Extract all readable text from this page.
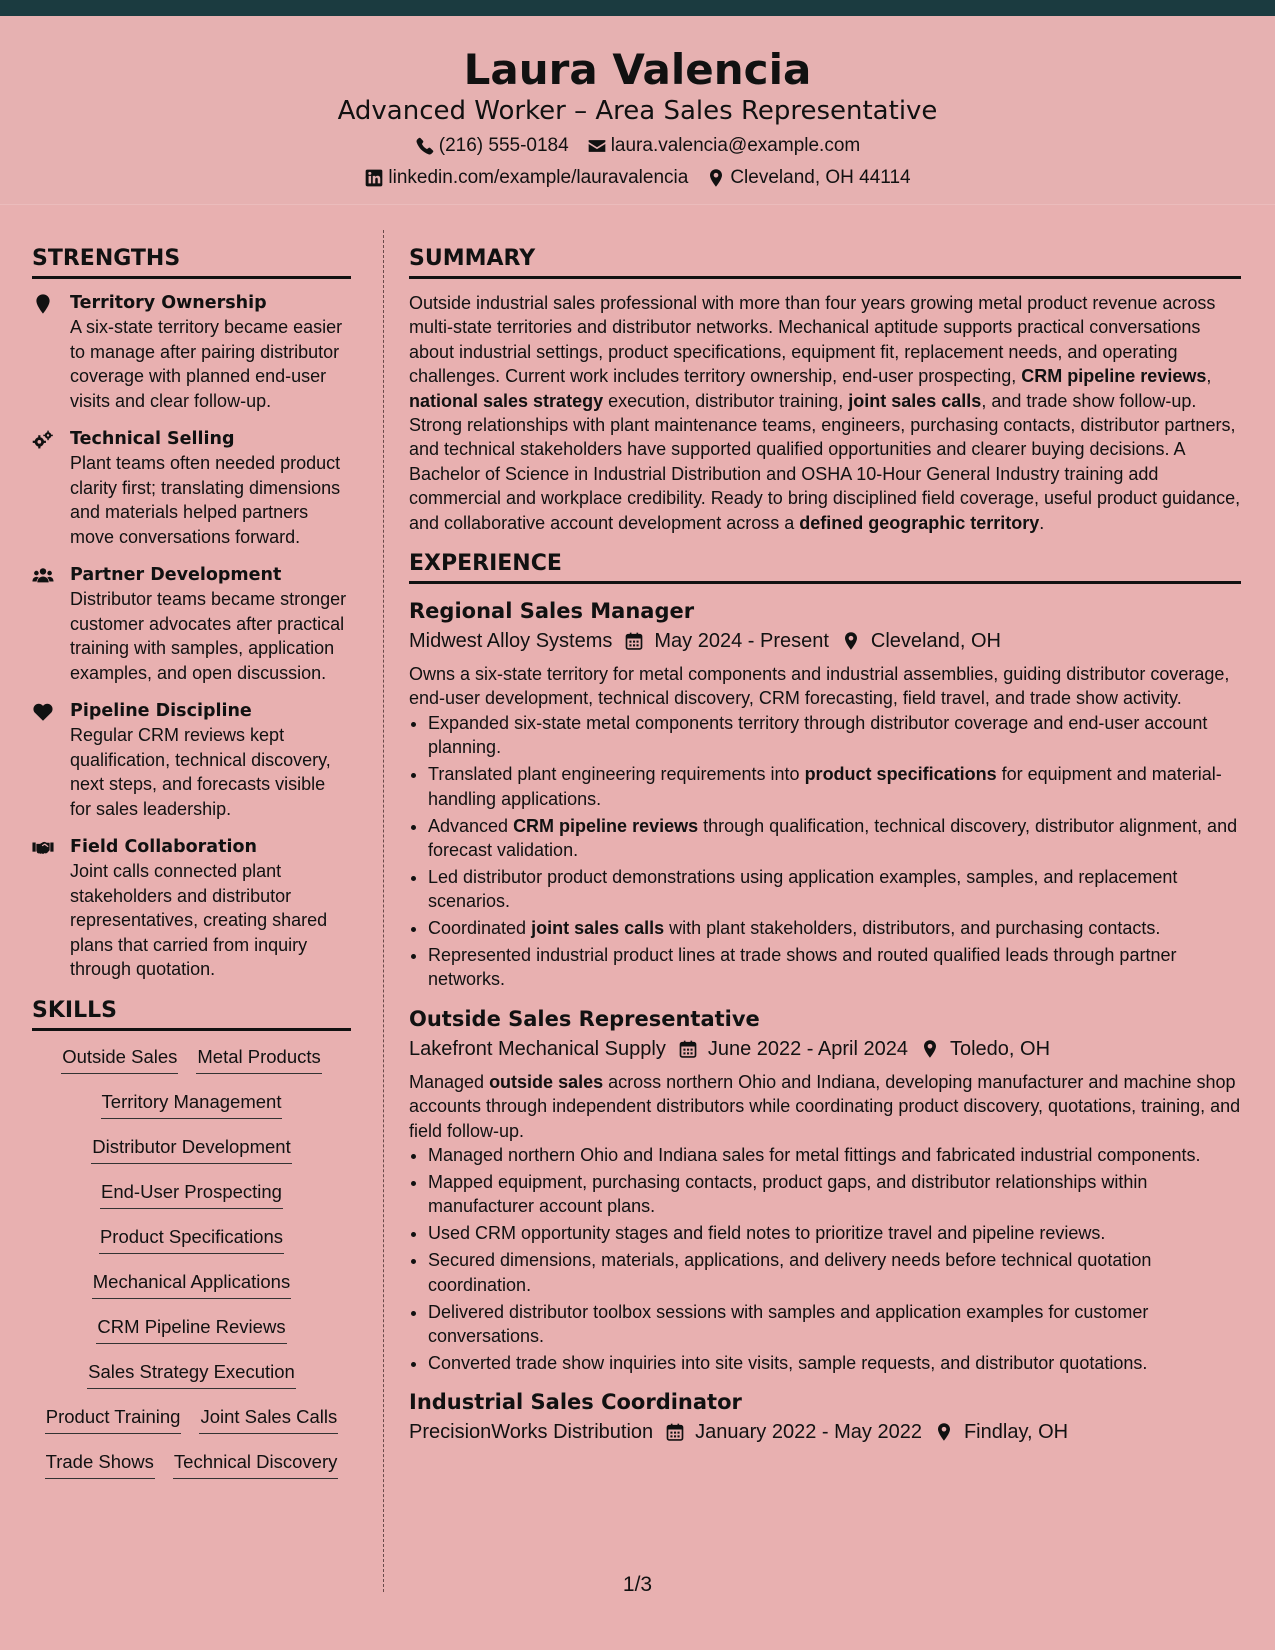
Laura Valencia
Advanced Worker – Area Sales Representative
(216) 555-0184 laura.valencia@example.com
linkedin.com/example/lauravalencia Cleveland, OH 44114
STRENGTHS
Territory Ownership
A six-state territory became easier to manage after pairing distributor coverage with planned end-user visits and clear follow-up.
Technical Selling
Plant teams often needed product clarity first; translating dimensions and materials helped partners move conversations forward.
Partner Development
Distributor teams became stronger customer advocates after practical training with samples, application examples, and open discussion.
Pipeline Discipline
Regular CRM reviews kept qualification, technical discovery, next steps, and forecasts visible for sales leadership.
Field Collaboration
Joint calls connected plant stakeholders and distributor representatives, creating shared plans that carried from inquiry through quotation.
SKILLS
Outside Sales Metal Products
Territory Management
Distributor Development
End-User Prospecting
Product Specifications
Mechanical Applications
CRM Pipeline Reviews
Sales Strategy Execution
Product Training Joint Sales Calls
Trade Shows Technical Discovery
SUMMARY

Outside industrial sales professional with more than four years growing metal product revenue across multi-state territories and distributor networks. Mechanical aptitude supports practical conversations about industrial settings, product specifications, equipment fit, replacement needs, and operating challenges. Current work includes territory ownership, end-user prospecting, CRM pipeline reviews, national sales strategy execution, distributor training, joint sales calls, and trade show follow-up. Strong relationships with plant maintenance teams, engineers, purchasing contacts, distributor partners, and technical stakeholders have supported qualified opportunities and clearer buying decisions. A Bachelor of Science in Industrial Distribution and OSHA 10-Hour General Industry training add commercial and workplace credibility. Ready to bring disciplined field coverage, useful product guidance, and collaborative account development across a defined geographic territory.

EXPERIENCE
Regional Sales Manager
Midwest Alloy Systems May 2024 - Present Cleveland, OH
Owns a six-state territory for metal components and industrial assemblies, guiding distributor coverage, end-user development, technical discovery, CRM forecasting, field travel, and trade show activity.
• Expanded six-state metal components territory through distributor coverage and end-user account planning.
• Translated plant engineering requirements into product specifications for equipment and material-handling applications.
• Advanced CRM pipeline reviews through qualification, technical discovery, distributor alignment, and forecast validation.
• Led distributor product demonstrations using application examples, samples, and replacement scenarios.
• Coordinated joint sales calls with plant stakeholders, distributors, and purchasing contacts.
• Represented industrial product lines at trade shows and routed qualified leads through partner networks.
Outside Sales Representative
Lakefront Mechanical Supply June 2022 - April 2024 Toledo, OH
Managed outside sales across northern Ohio and Indiana, developing manufacturer and machine shop accounts through independent distributors while coordinating product discovery, quotations, training, and field follow-up.
• Managed northern Ohio and Indiana sales for metal fittings and fabricated industrial components.
• Mapped equipment, purchasing contacts, product gaps, and distributor relationships within manufacturer account plans.
• Used CRM opportunity stages and field notes to prioritize travel and pipeline reviews.
• Secured dimensions, materials, applications, and delivery needs before technical quotation coordination.
• Delivered distributor toolbox sessions with samples and application examples for customer conversations.
• Converted trade show inquiries into site visits, sample requests, and distributor quotations.
Industrial Sales Coordinator
PrecisionWorks Distribution January 2022 - May 2022 Findlay, OH
1/3
